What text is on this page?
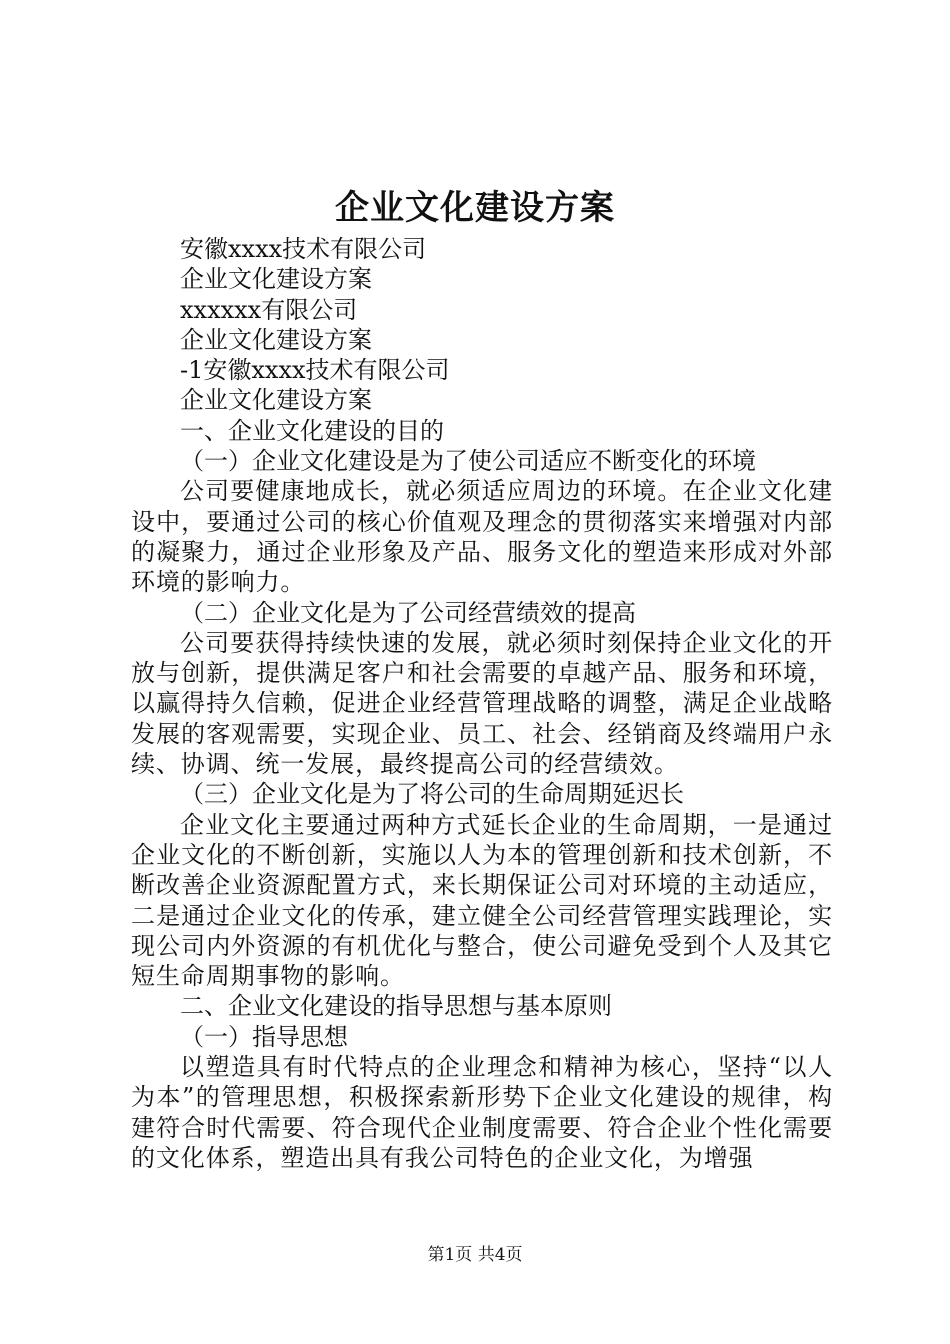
企业文化建设方案

安徽xxxx技术有限公司

企业文化建设方案

xxxxxx有限公司

企业文化建设方案

-1安徽xxxx技术有限公司

企业文化建设方案

一、企业文化建设的目的

（一）企业文化建设是为了使公司适应不断变化的环境

公司要健康地成长，就必须适应周边的环境。在企业文化建设中，要通过公司的核心价值观及理念的贯彻落实来增强对内部的凝聚力，通过企业形象及产品、服务文化的塑造来形成对外部环境的影响力。

（二）企业文化是为了公司经营绩效的提高

公司要获得持续快速的发展，就必须时刻保持企业文化的开放与创新，提供满足客户和社会需要的卓越产品、服务和环境，以赢得持久信赖，促进企业经营管理战略的调整，满足企业战略发展的客观需要，实现企业、员工、社会、经销商及终端用户永续、协调、统一发展，最终提高公司的经营绩效。

（三）企业文化是为了将公司的生命周期延迟长

企业文化主要通过两种方式延长企业的生命周期，一是通过企业文化的不断创新，实施以人为本的管理创新和技术创新，不断改善企业资源配置方式，来长期保证公司对环境的主动适应，二是通过企业文化的传承，建立健全公司经营管理实践理论，实现公司内外资源的有机优化与整合，使公司避免受到个人及其它短生命周期事物的影响。

二、企业文化建设的指导思想与基本原则

（一）指导思想

以塑造具有时代特点的企业理念和精神为核心，坚持“以人为本”的管理思想，积极探索新形势下企业文化建设的规律，构建符合时代需要、符合现代企业制度需要、符合企业个性化需要的文化体系，塑造出具有我公司特色的企业文化，为增强

第1页 共4页
